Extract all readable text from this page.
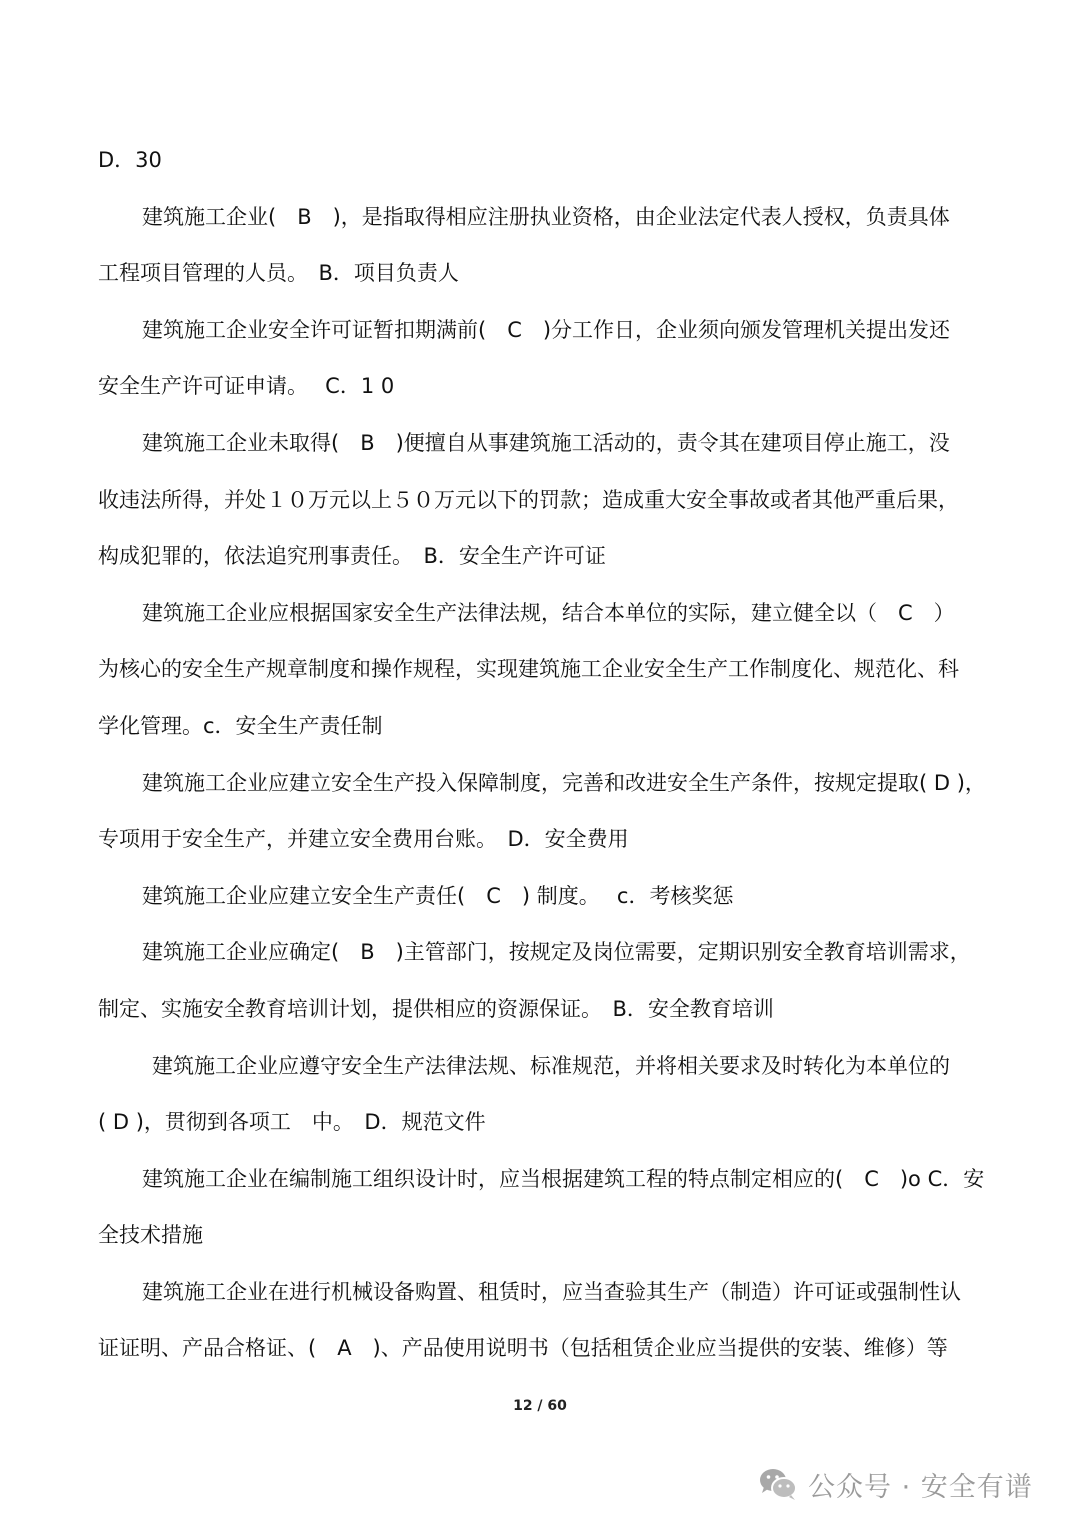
D．30
建筑施工企业(　B　)，是指取得相应注册执业资格，由企业法定代表人授权，负责具体
工程项目管理的人员。　B．项目负责人
建筑施工企业安全许可证暂扣期满前(　C　)分工作日，企业须向颁发管理机关提出发还
安全生产许可证申请。　 C．1 0
建筑施工企业未取得(　B　)便擅自从事建筑施工活动的，责令其在建项目停止施工，没
收违法所得，并处１０万元以上５０万元以下的罚款；造成重大安全事故或者其他严重后果，
构成犯罪的，依法追究刑事责任。　B．安全生产许可证
建筑施工企业应根据国家安全生产法律法规，结合本单位的实际，建立健全以（　C　）
为核心的安全生产规章制度和操作规程，实现建筑施工企业安全生产工作制度化、规范化、科
学化管理。c．安全生产责任制
建筑施工企业应建立安全生产投入保障制度，完善和改进安全生产条件，按规定提取( D )，
专项用于安全生产，并建立安全费用台账。　D．安全费用
建筑施工企业应建立安全生产责任(　C　) 制度。　 c．考核奖惩
建筑施工企业应确定(　B　)主管部门，按规定及岗位需要，定期识别安全教育培训需求，
制定、实施安全教育培训计划，提供相应的资源保证。　B．安全教育培训
建筑施工企业应遵守安全生产法律法规、标准规范，并将相关要求及时转化为本单位的
( D )，贯彻到各项工　中。　D．规范文件
建筑施工企业在编制施工组织设计时，应当根据建筑工程的特点制定相应的(　C　)o C．安
全技术措施
建筑施工企业在进行机械设备购置、租赁时，应当查验其生产（制造）许可证或强制性认
证证明、产品合格证、(　A　)、产品使用说明书（包括租赁企业应当提供的安装、维修）等
12 / 60
公众号 · 安全有谱
